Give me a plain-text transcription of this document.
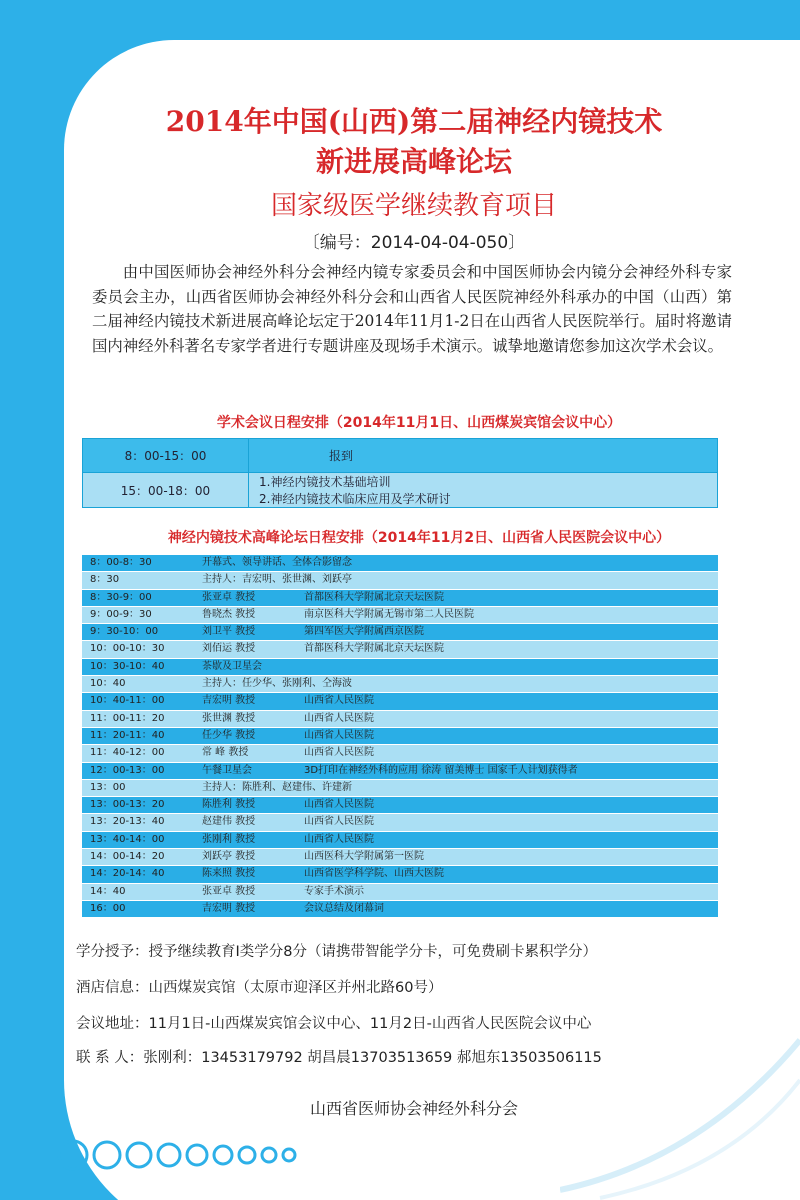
2014年中国(山西)第二届神经内镜技术
新进展高峰论坛
国家级医学继续教育项目
〔编号：2014-04-04-050〕

由中国医师协会神经外科分会神经内镜专家委员会和中国医师协会内镜分会神经外科专家委员会主办，山西省医师协会神经外科分会和山西省人民医院神经外科承办的中国（山西）第二届神经内镜技术新进展高峰论坛定于2014年11月1-2日在山西省人民医院举行。届时将邀请国内神经外科著名专家学者进行专题讲座及现场手术演示。诚挚地邀请您参加这次学术会议。

学术会议日程安排（2014年11月1日、山西煤炭宾馆会议中心）
8：00-15：00	报到
15：00-18：00	1.神经内镜技术基础培训
2.神经内镜技术临床应用及学术研讨
神经内镜技术高峰论坛日程安排（2014年11月2日、山西省人民医院会议中心）
8：00-8：30	开幕式、领导讲话、全体合影留念
8：30	主持人：吉宏明、张世渊、刘跃亭
8：30-9：00	张亚卓 教授	首都医科大学附属北京天坛医院
9：00-9：30	鲁晓杰 教授	南京医科大学附属无锡市第二人民医院
9：30-10：00	刘卫平 教授	第四军医大学附属西京医院
10：00-10：30	刘佰运 教授	首都医科大学附属北京天坛医院
10：30-10：40	茶歇及卫星会
10：40	主持人：任少华、张刚利、仝海波
10：40-11：00	吉宏明 教授	山西省人民医院
11：00-11：20	张世渊 教授	山西省人民医院
11：20-11：40	任少华 教授	山西省人民医院
11：40-12：00	常 峰 教授	山西省人民医院
12：00-13：00	午餐卫星会	3D打印在神经外科的应用 徐涛 留美博士 国家千人计划获得者
13：00	主持人：陈胜利、赵建伟、许建新
13：00-13：20	陈胜利 教授	山西省人民医院
13：20-13：40	赵建伟 教授	山西省人民医院
13：40-14：00	张刚利 教授	山西省人民医院
14：00-14：20	刘跃亭 教授	山西医科大学附属第一医院
14：20-14：40	陈来照 教授	山西省医学科学院、山西大医院
14：40	张亚卓 教授	专家手术演示
16：00	吉宏明 教授	会议总结及闭幕词
学分授予：授予继续教育Ⅰ类学分8分（请携带智能学分卡，可免费刷卡累积学分）
酒店信息：山西煤炭宾馆（太原市迎泽区并州北路60号）
会议地址：11月1日-山西煤炭宾馆会议中心、11月2日-山西省人民医院会议中心
联 系 人：张刚利：13453179792 胡昌晨13703513659 郝旭东13503506115
山西省医师协会神经外科分会
